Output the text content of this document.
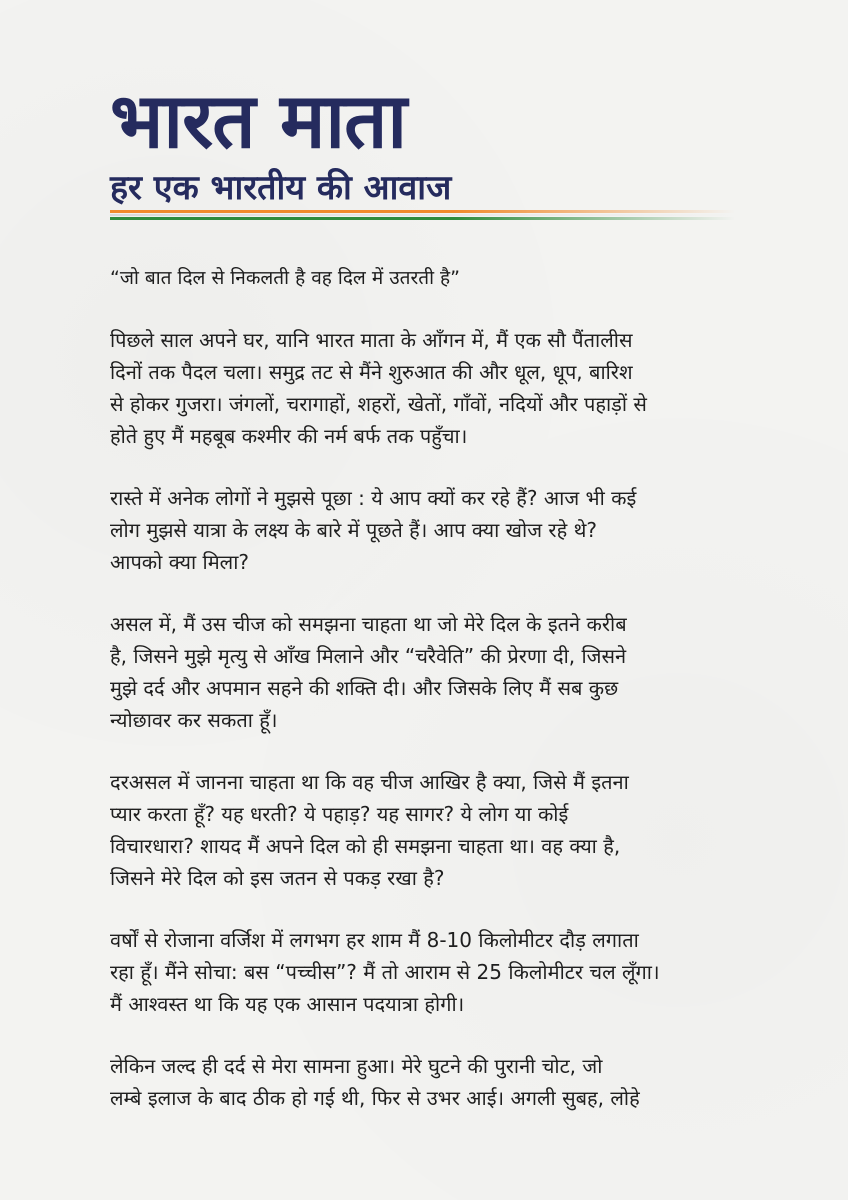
भारत माता
हर एक भारतीय की आवाज

“जो बात दिल से निकलती है वह दिल में उतरती है”

पिछले साल अपने घर, यानि भारत माता के आँगन में, मैं एक सौ पैंतालीस
दिनों तक पैदल चला। समुद्र तट से मैंने शुरुआत की और धूल, धूप, बारिश
से होकर गुजरा। जंगलों, चरागाहों, शहरों, खेतों, गाँवों, नदियों और पहाड़ों से
होते हुए मैं महबूब कश्मीर की नर्म बर्फ तक पहुँचा।

रास्ते में अनेक लोगों ने मुझसे पूछा : ये आप क्यों कर रहे हैं? आज भी कई
लोग मुझसे यात्रा के लक्ष्य के बारे में पूछते हैं। आप क्या खोज रहे थे?
आपको क्या मिला?

असल में, मैं उस चीज को समझना चाहता था जो मेरे दिल के इतने करीब
है, जिसने मुझे मृत्यु से आँख मिलाने और “चरैवेति” की प्रेरणा दी, जिसने
मुझे दर्द और अपमान सहने की शक्ति दी। और जिसके लिए मैं सब कुछ
न्योछावर कर सकता हूँ।

दरअसल में जानना चाहता था कि वह चीज आखिर है क्या, जिसे मैं इतना
प्यार करता हूँ? यह धरती? ये पहाड़? यह सागर? ये लोग या कोई
विचारधारा? शायद मैं अपने दिल को ही समझना चाहता था। वह क्या है,
जिसने मेरे दिल को इस जतन से पकड़ रखा है?

वर्षों से रोजाना वर्जिश में लगभग हर शाम मैं 8-10 किलोमीटर दौड़ लगाता
रहा हूँ। मैंने सोचा: बस “पच्चीस”? मैं तो आराम से 25 किलोमीटर चल लूँगा।
मैं आश्वस्त था कि यह एक आसान पदयात्रा होगी।

लेकिन जल्द ही दर्द से मेरा सामना हुआ। मेरे घुटने की पुरानी चोट, जो
लम्बे इलाज के बाद ठीक हो गई थी, फिर से उभर आई। अगली सुबह, लोहे
